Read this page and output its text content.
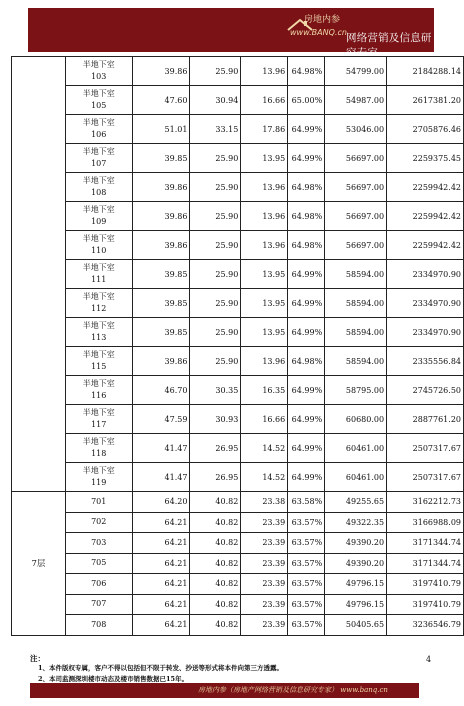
房地内参
www.BANQ.cn 网络营销及信息研究专家

	半地下室
103	39.86	25.90	13.96	64.98%	54799.00	2184288.14

	半地下室
105	47.60	30.94	16.66	65.00%	54987.00	2617381.20

	半地下室
106	51.01	33.15	17.86	64.99%	53046.00	2705876.46

	半地下室
107	39.85	25.90	13.95	64.99%	56697.00	2259375.45

	半地下室
108	39.86	25.90	13.96	64.98%	56697.00	2259942.42

	半地下室
109	39.86	25.90	13.96	64.98%	56697.00	2259942.42

	半地下室
110	39.86	25.90	13.96	64.98%	56697.00	2259942.42

	半地下室
111	39.85	25.90	13.95	64.99%	58594.00	2334970.90

	半地下室
112	39.85	25.90	13.95	64.99%	58594.00	2334970.90

	半地下室
113	39.85	25.90	13.95	64.99%	58594.00	2334970.90

	半地下室
115	39.86	25.90	13.96	64.98%	58594.00	2335556.84

	半地下室
116	46.70	30.35	16.35	64.99%	58795.00	2745726.50

	半地下室
117	47.59	30.93	16.66	64.99%	60680.00	2887761.20

	半地下室
118	41.47	26.95	14.52	64.99%	60461.00	2507317.67

	半地下室
119	41.47	26.95	14.52	64.99%	60461.00	2507317.67
7层	701	64.20	40.82	23.38	63.58%	49255.65	3162212.73
	702	64.21	40.82	23.39	63.57%	49322.35	3166988.09
	703	64.21	40.82	23.39	63.57%	49390.20	3171344.74
	705	64.21	40.82	23.39	63.57%	49390.20	3171344.74
	706	64.21	40.82	23.39	63.57%	49796.15	3197410.79
	707	64.21	40.82	23.39	63.57%	49796.15	3197410.79
	708	64.21	40.82	23.39	63.57%	50405.65	3236546.79
注：	4
1、本件版权专属，客户不得以包括但不限于转发、抄送等形式将本件向第三方透露。
2、本司监测深圳楼市动态及楼市销售数据已15年。
房地内参（房地产网络营销及信息研究专家） www.banq.cn
